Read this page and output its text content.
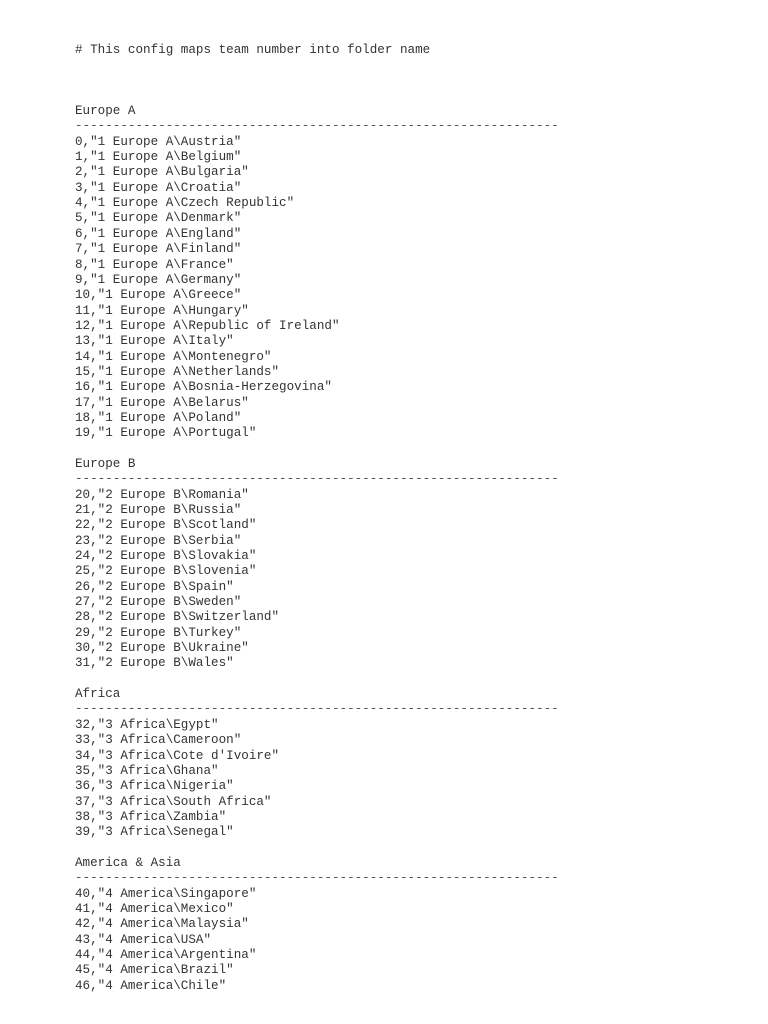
# This config maps team number into folder name

Europe A
----------------------------------------------------------------
0,"1 Europe A\Austria"
1,"1 Europe A\Belgium"
2,"1 Europe A\Bulgaria"
3,"1 Europe A\Croatia"
4,"1 Europe A\Czech Republic"
5,"1 Europe A\Denmark"
6,"1 Europe A\England"
7,"1 Europe A\Finland"
8,"1 Europe A\France"
9,"1 Europe A\Germany"
10,"1 Europe A\Greece"
11,"1 Europe A\Hungary"
12,"1 Europe A\Republic of Ireland"
13,"1 Europe A\Italy"
14,"1 Europe A\Montenegro"
15,"1 Europe A\Netherlands"
16,"1 Europe A\Bosnia-Herzegovina"
17,"1 Europe A\Belarus"
18,"1 Europe A\Poland"
19,"1 Europe A\Portugal"
Europe B
----------------------------------------------------------------
20,"2 Europe B\Romania"
21,"2 Europe B\Russia"
22,"2 Europe B\Scotland"
23,"2 Europe B\Serbia"
24,"2 Europe B\Slovakia"
25,"2 Europe B\Slovenia"
26,"2 Europe B\Spain"
27,"2 Europe B\Sweden"
28,"2 Europe B\Switzerland"
29,"2 Europe B\Turkey"
30,"2 Europe B\Ukraine"
31,"2 Europe B\Wales"
Africa
----------------------------------------------------------------
32,"3 Africa\Egypt"
33,"3 Africa\Cameroon"
34,"3 Africa\Cote d'Ivoire"
35,"3 Africa\Ghana"
36,"3 Africa\Nigeria"
37,"3 Africa\South Africa"
38,"3 Africa\Zambia"
39,"3 Africa\Senegal"
America & Asia
----------------------------------------------------------------
40,"4 America\Singapore"
41,"4 America\Mexico"
42,"4 America\Malaysia"
43,"4 America\USA"
44,"4 America\Argentina"
45,"4 America\Brazil"
46,"4 America\Chile"
